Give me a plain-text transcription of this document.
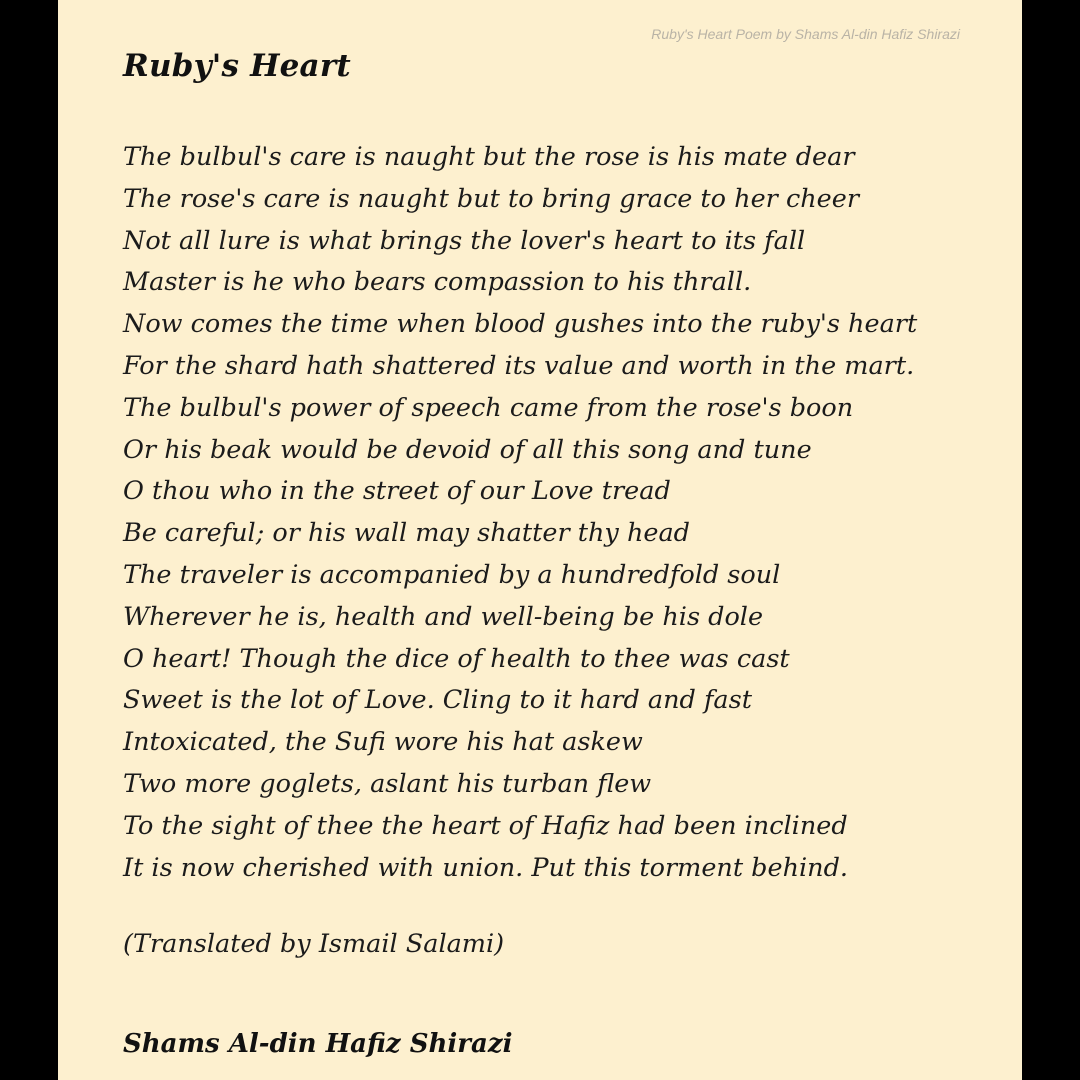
Ruby's Heart Poem by Shams Al-din Hafiz Shirazi
Ruby's Heart
The bulbul's care is naught but the rose is his mate dear
The rose's care is naught but to bring grace to her cheer
Not all lure is what brings the lover's heart to its fall
Master is he who bears compassion to his thrall.
Now comes the time when blood gushes into the ruby's heart
For the shard hath shattered its value and worth in the mart.
The bulbul's power of speech came from the rose's boon
Or his beak would be devoid of all this song and tune
O thou who in the street of our Love tread
Be careful; or his wall may shatter thy head
The traveler is accompanied by a hundredfold soul
Wherever he is, health and well-being be his dole
O heart! Though the dice of health to thee was cast
Sweet is the lot of Love. Cling to it hard and fast
Intoxicated, the Sufi wore his hat askew
Two more goglets, aslant his turban flew
To the sight of thee the heart of Hafiz had been inclined
It is now cherished with union. Put this torment behind.
(Translated by Ismail Salami)
Shams Al-din Hafiz Shirazi
